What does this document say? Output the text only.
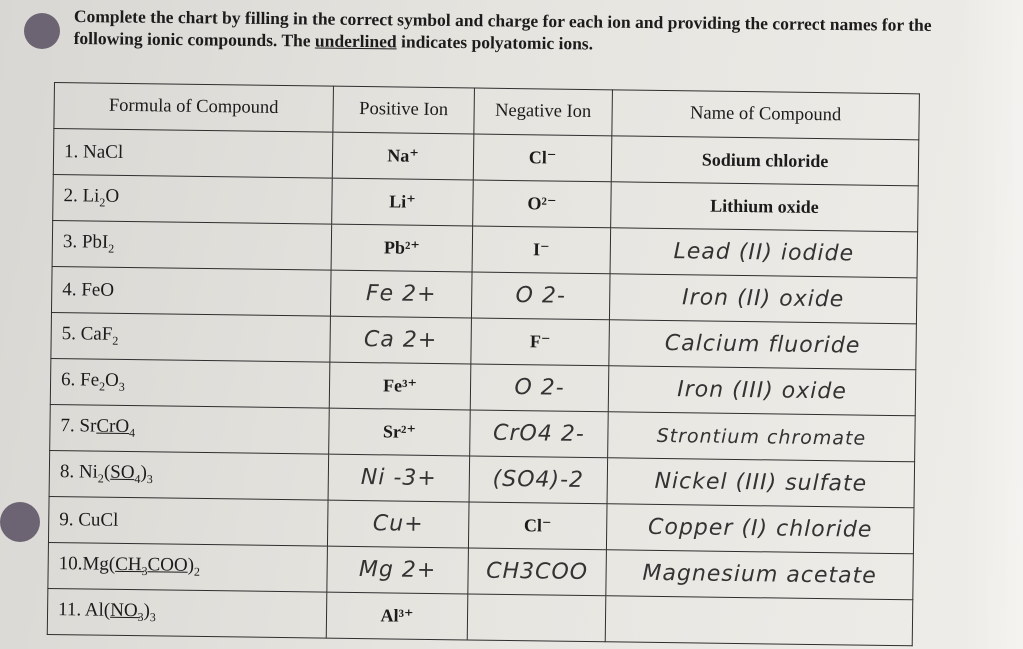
Complete the chart by filling in the correct symbol and charge for each ion and providing the correct names for the following ionic compounds. The underlined indicates polyatomic ions.
Formula of Compound	Positive Ion	Negative Ion	Name of Compound
1. NaCl	Na⁺	Cl⁻	Sodium chloride
2. $Li_2O$	Li⁺	O²⁻	Lithium oxide
3. PbI$_2$	Pb²⁺	I⁻	Lead (II) iodide
4. FeO	Fe 2+	O 2-	Iron (II) oxide
5. CaF$_2$	Ca 2+	F⁻	Calcium fluoride
6. $Fe_2O_3$	Fe³⁺	O 2-	Iron (III) oxide
7. SrCrO$_4$	Sr²⁺	CrO4 2-	Strontium chromate
8. $Ni_2(SO_4)_3$	Ni -3+	(SO4)-2	Nickel (III) sulfate
9. CuCl	Cu+	Cl⁻	Copper (I) chloride
$10.Mg(CH_3COO)_2$	Mg 2+	CH3COO	Magnesium acetate
11. $Al(NO_3)_3$	Al³⁺		
